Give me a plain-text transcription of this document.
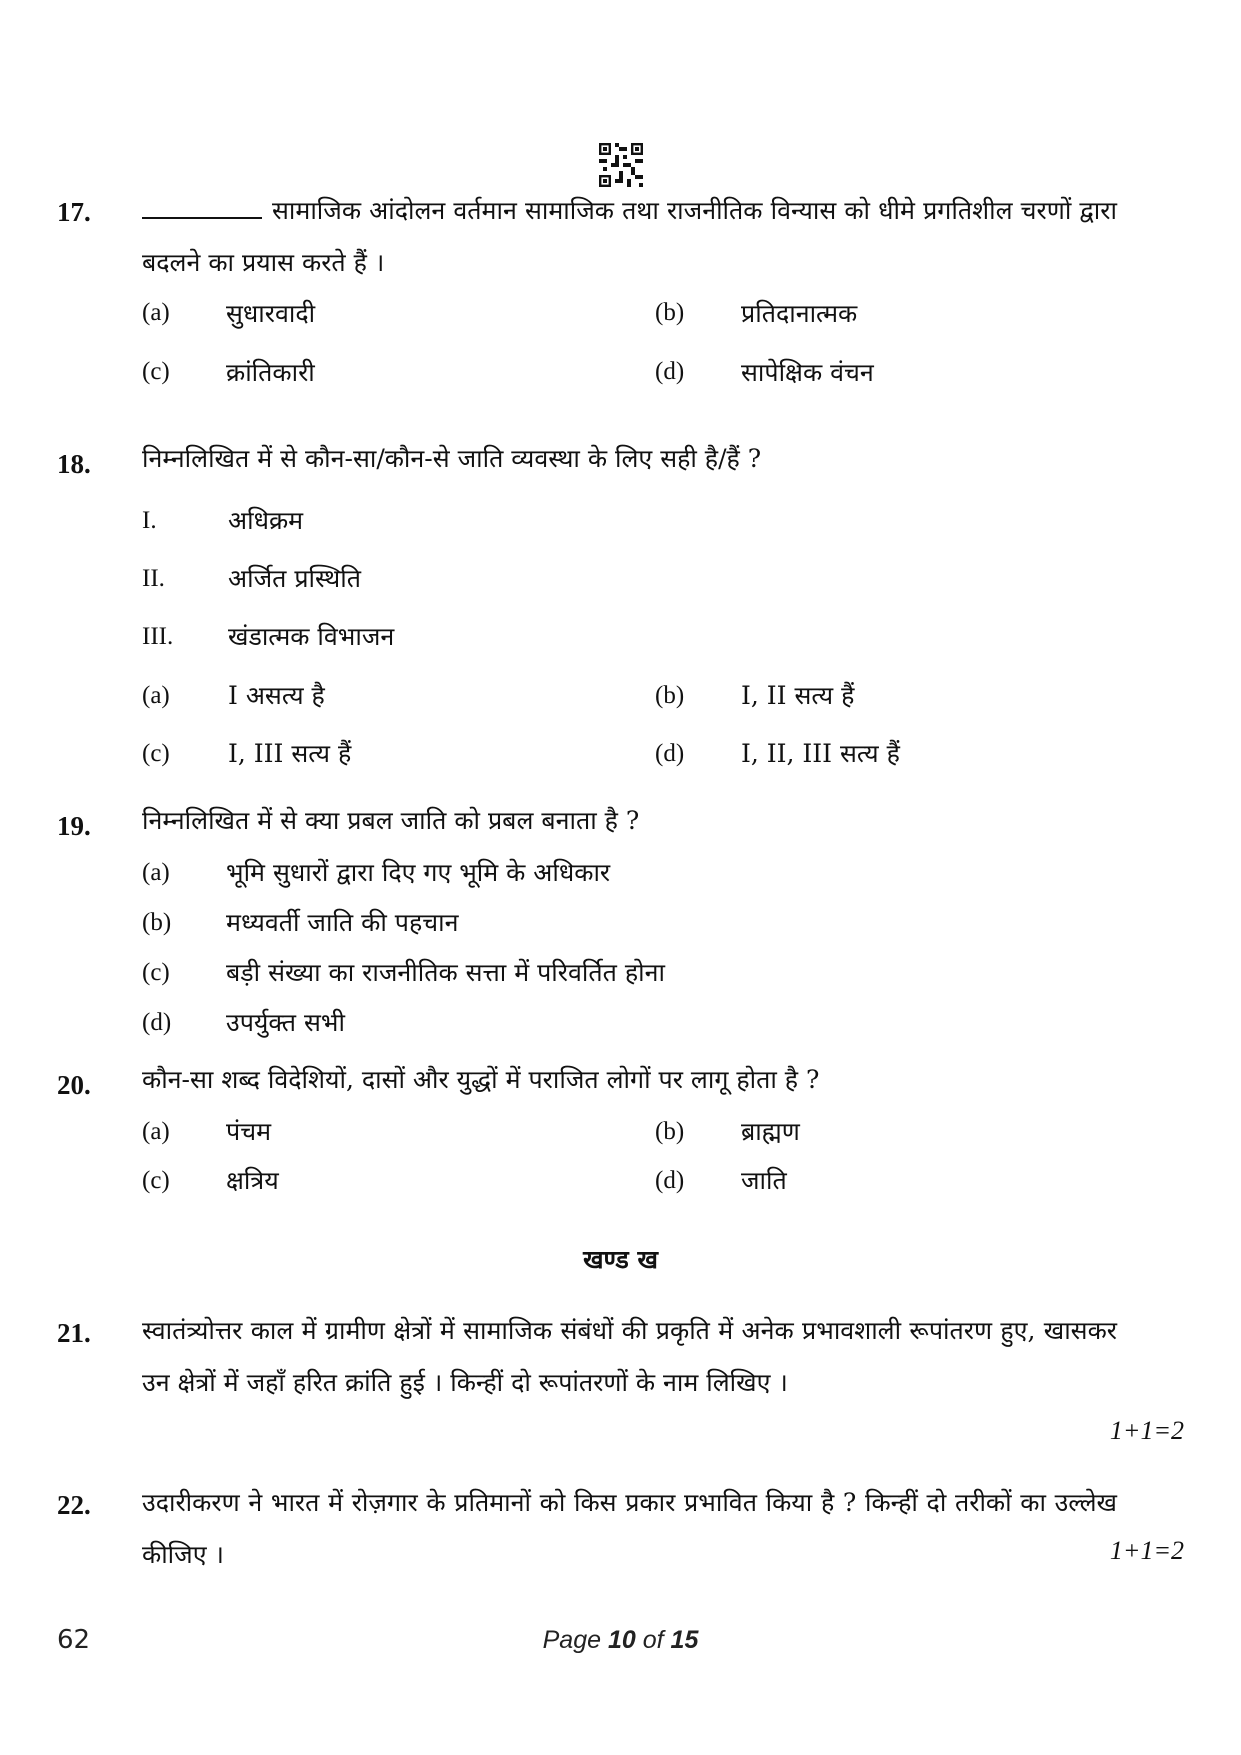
17.	सामाजिक आंदोलन वर्तमान सामाजिक तथा राजनीतिक विन्यास को धीमे प्रगतिशील चरणों द्वारा बदलने का प्रयास करते हैं ।
(a) सुधारवादी	(b) प्रतिदानात्मक
(c) क्रांतिकारी	(d) सापेक्षिक वंचन
18. निम्नलिखित में से कौन-सा/कौन-से जाति व्यवस्था के लिए सही है/हैं ?
I.	अधिक्रम
II.	अर्जित प्रस्थिति
III. खंडात्मक विभाजन
(a) I असत्य है	(b) I, II सत्य हैं
(c) I, III सत्य हैं	(d) I, II, III सत्य हैं
19. निम्नलिखित में से क्या प्रबल जाति को प्रबल बनाता है ?
(a) भूमि सुधारों द्वारा दिए गए भूमि के अधिकार
(b) मध्यवर्ती जाति की पहचान
(c) बड़ी संख्या का राजनीतिक सत्ता में परिवर्तित होना
(d) उपर्युक्त सभी
20. कौन-सा शब्द विदेशियों, दासों और युद्धों में पराजित लोगों पर लागू होता है ?
(a) पंचम	(b) ब्राह्मण
(c) क्षत्रिय	(d) जाति
खण्ड ख
21. स्वातंत्र्योत्तर काल में ग्रामीण क्षेत्रों में सामाजिक संबंधों की प्रकृति में अनेक प्रभावशाली रूपांतरण हुए, खासकर उन क्षेत्रों में जहाँ हरित क्रांति हुई । किन्हीं दो रूपांतरणों के नाम लिखिए ।
1+1=2
22. उदारीकरण ने भारत में रोज़गार के प्रतिमानों को किस प्रकार प्रभावित किया है ? किन्हीं दो तरीकों का उल्लेख कीजिए ।	1+1=2
62	Page 10 of 15
